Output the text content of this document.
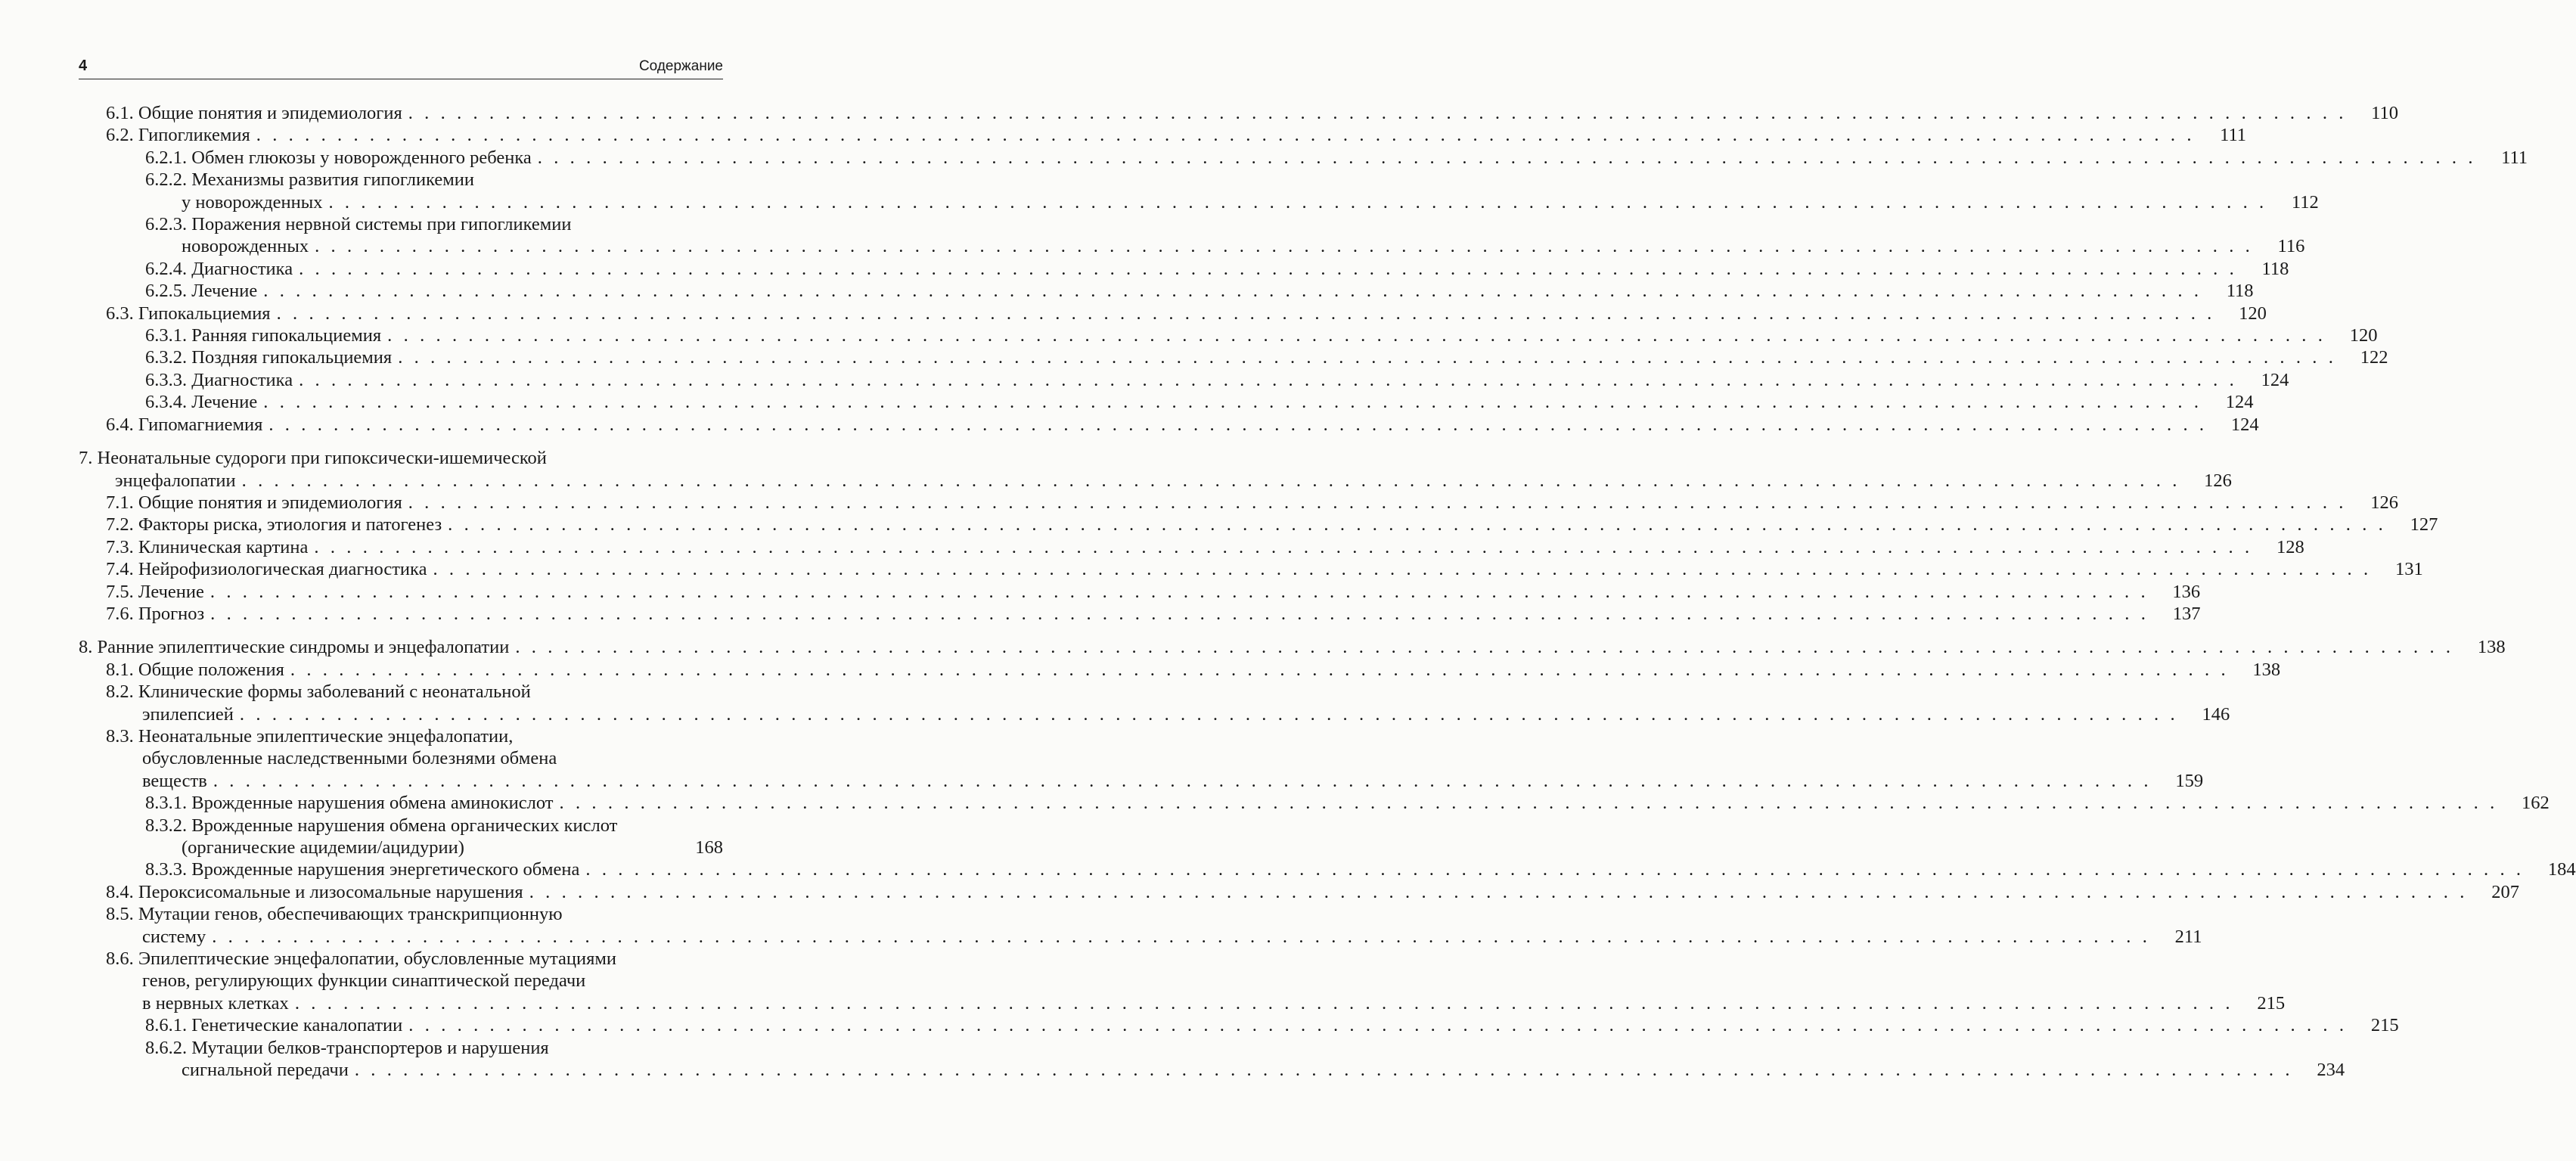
4	Содержание
6.1. Общие понятия и эпидемиология . . . . . . . . . . . . . . . . . . . . . . . . . . . . . . . . . . . . . . . . . . . . . . . . . . . . . . . . . . . . . . . . . . . . . . . . . . . . . . . . . . . . . . . . . . . . . . . . . . . . . . . . . . . . . . . . . . . . . . . .	110
6.2. Гипогликемия . . . . . . . . . . . . . . . . . . . . . . . . . . . . . . . . . . . . . . . . . . . . . . . . . . . . . . . . . . . . . . . . . . . . . . . . . . . . . . . . . . . . . . . . . . . . . . . . . . . . . . . . . . . . . . . . . . . . . . . .	111
6.2.1. Обмен глюкозы у новорожденного ребенка . . . . . . . . . . . . . . . . . . . . . . . . . . . . . . . . . . . . . . . . . . . . . . . . . . . . . . . . . . . . . . . . . . . . . . . . . . . . . . . . . . . . . . . . . . . . . . . . . . . . . . . . . . . . . . . . . . . . . . . .	111
6.2.2. Механизмы развития гипогликемии
у новорожденных . . . . . . . . . . . . . . . . . . . . . . . . . . . . . . . . . . . . . . . . . . . . . . . . . . . . . . . . . . . . . . . . . . . . . . . . . . . . . . . . . . . . . . . . . . . . . . . . . . . . . . . . . . . . . . . . . . . . . . . .	112
6.2.3. Поражения нервной системы при гипогликемии
новорожденных . . . . . . . . . . . . . . . . . . . . . . . . . . . . . . . . . . . . . . . . . . . . . . . . . . . . . . . . . . . . . . . . . . . . . . . . . . . . . . . . . . . . . . . . . . . . . . . . . . . . . . . . . . . . . . . . . . . . . . . .	116
6.2.4. Диагностика . . . . . . . . . . . . . . . . . . . . . . . . . . . . . . . . . . . . . . . . . . . . . . . . . . . . . . . . . . . . . . . . . . . . . . . . . . . . . . . . . . . . . . . . . . . . . . . . . . . . . . . . . . . . . . . . . . . . . . . .	118
6.2.5. Лечение . . . . . . . . . . . . . . . . . . . . . . . . . . . . . . . . . . . . . . . . . . . . . . . . . . . . . . . . . . . . . . . . . . . . . . . . . . . . . . . . . . . . . . . . . . . . . . . . . . . . . . . . . . . . . . . . . . . . . . . .	118
6.3. Гипокальциемия . . . . . . . . . . . . . . . . . . . . . . . . . . . . . . . . . . . . . . . . . . . . . . . . . . . . . . . . . . . . . . . . . . . . . . . . . . . . . . . . . . . . . . . . . . . . . . . . . . . . . . . . . . . . . . . . . . . . . . . .	120
6.3.1. Ранняя гипокальциемия . . . . . . . . . . . . . . . . . . . . . . . . . . . . . . . . . . . . . . . . . . . . . . . . . . . . . . . . . . . . . . . . . . . . . . . . . . . . . . . . . . . . . . . . . . . . . . . . . . . . . . . . . . . . . . . . . . . . . . . .	120
6.3.2. Поздняя гипокальциемия . . . . . . . . . . . . . . . . . . . . . . . . . . . . . . . . . . . . . . . . . . . . . . . . . . . . . . . . . . . . . . . . . . . . . . . . . . . . . . . . . . . . . . . . . . . . . . . . . . . . . . . . . . . . . . . . . . . . . . . .	122
6.3.3. Диагностика . . . . . . . . . . . . . . . . . . . . . . . . . . . . . . . . . . . . . . . . . . . . . . . . . . . . . . . . . . . . . . . . . . . . . . . . . . . . . . . . . . . . . . . . . . . . . . . . . . . . . . . . . . . . . . . . . . . . . . . .	124
6.3.4. Лечение . . . . . . . . . . . . . . . . . . . . . . . . . . . . . . . . . . . . . . . . . . . . . . . . . . . . . . . . . . . . . . . . . . . . . . . . . . . . . . . . . . . . . . . . . . . . . . . . . . . . . . . . . . . . . . . . . . . . . . . .	124
6.4. Гипомагниемия . . . . . . . . . . . . . . . . . . . . . . . . . . . . . . . . . . . . . . . . . . . . . . . . . . . . . . . . . . . . . . . . . . . . . . . . . . . . . . . . . . . . . . . . . . . . . . . . . . . . . . . . . . . . . . . . . . . . . . . .	124
7. Неонатальные судороги при гипоксически-ишемической
энцефалопатии . . . . . . . . . . . . . . . . . . . . . . . . . . . . . . . . . . . . . . . . . . . . . . . . . . . . . . . . . . . . . . . . . . . . . . . . . . . . . . . . . . . . . . . . . . . . . . . . . . . . . . . . . . . . . . . . . . . . . . . .	126
7.1. Общие понятия и эпидемиология . . . . . . . . . . . . . . . . . . . . . . . . . . . . . . . . . . . . . . . . . . . . . . . . . . . . . . . . . . . . . . . . . . . . . . . . . . . . . . . . . . . . . . . . . . . . . . . . . . . . . . . . . . . . . . . . . . . . . . . .	126
7.2. Факторы риска, этиология и патогенез . . . . . . . . . . . . . . . . . . . . . . . . . . . . . . . . . . . . . . . . . . . . . . . . . . . . . . . . . . . . . . . . . . . . . . . . . . . . . . . . . . . . . . . . . . . . . . . . . . . . . . . . . . . . . . . . . . . . . . . .	127
7.3. Клиническая картина . . . . . . . . . . . . . . . . . . . . . . . . . . . . . . . . . . . . . . . . . . . . . . . . . . . . . . . . . . . . . . . . . . . . . . . . . . . . . . . . . . . . . . . . . . . . . . . . . . . . . . . . . . . . . . . . . . . . . . . .	128
7.4. Нейрофизиологическая диагностика . . . . . . . . . . . . . . . . . . . . . . . . . . . . . . . . . . . . . . . . . . . . . . . . . . . . . . . . . . . . . . . . . . . . . . . . . . . . . . . . . . . . . . . . . . . . . . . . . . . . . . . . . . . . . . . . . . . . . . . .	131
7.5. Лечение . . . . . . . . . . . . . . . . . . . . . . . . . . . . . . . . . . . . . . . . . . . . . . . . . . . . . . . . . . . . . . . . . . . . . . . . . . . . . . . . . . . . . . . . . . . . . . . . . . . . . . . . . . . . . . . . . . . . . . . .	136
7.6. Прогноз . . . . . . . . . . . . . . . . . . . . . . . . . . . . . . . . . . . . . . . . . . . . . . . . . . . . . . . . . . . . . . . . . . . . . . . . . . . . . . . . . . . . . . . . . . . . . . . . . . . . . . . . . . . . . . . . . . . . . . . .	137
8. Ранние эпилептические синдромы и энцефалопатии . . . . . . . . . . . . . . . . . . . . . . . . . . . . . . . . . . . . . . . . . . . . . . . . . . . . . . . . . . . . . . . . . . . . . . . . . . . . . . . . . . . . . . . . . . . . . . . . . . . . . . . . . . . . . . . . . . . . . . . .	138
8.1. Общие положения . . . . . . . . . . . . . . . . . . . . . . . . . . . . . . . . . . . . . . . . . . . . . . . . . . . . . . . . . . . . . . . . . . . . . . . . . . . . . . . . . . . . . . . . . . . . . . . . . . . . . . . . . . . . . . . . . . . . . . . .	138
8.2. Клинические формы заболеваний с неонатальной
эпилепсией . . . . . . . . . . . . . . . . . . . . . . . . . . . . . . . . . . . . . . . . . . . . . . . . . . . . . . . . . . . . . . . . . . . . . . . . . . . . . . . . . . . . . . . . . . . . . . . . . . . . . . . . . . . . . . . . . . . . . . . .	146
8.3. Неонатальные эпилептические энцефалопатии,
обусловленные наследственными болезнями обмена
веществ . . . . . . . . . . . . . . . . . . . . . . . . . . . . . . . . . . . . . . . . . . . . . . . . . . . . . . . . . . . . . . . . . . . . . . . . . . . . . . . . . . . . . . . . . . . . . . . . . . . . . . . . . . . . . . . . . . . . . . . .	159
8.3.1. Врожденные нарушения обмена аминокислот . . . . . . . . . . . . . . . . . . . . . . . . . . . . . . . . . . . . . . . . . . . . . . . . . . . . . . . . . . . . . . . . . . . . . . . . . . . . . . . . . . . . . . . . . . . . . . . . . . . . . . . . . . . . . . . . . . . . . . . .	162
8.3.2. Врожденные нарушения обмена органических кислот
(органические ацидемии/ацидурии)	168
8.3.3. Врожденные нарушения энергетического обмена . . . . . . . . . . . . . . . . . . . . . . . . . . . . . . . . . . . . . . . . . . . . . . . . . . . . . . . . . . . . . . . . . . . . . . . . . . . . . . . . . . . . . . . . . . . . . . . . . . . . . . . . . . . . . . . . . . . . . . . .	184
8.4. Пероксисомальные и лизосомальные нарушения . . . . . . . . . . . . . . . . . . . . . . . . . . . . . . . . . . . . . . . . . . . . . . . . . . . . . . . . . . . . . . . . . . . . . . . . . . . . . . . . . . . . . . . . . . . . . . . . . . . . . . . . . . . . . . . . . . . . . . . .	207
8.5. Мутации генов, обеспечивающих транскрипционную
систему . . . . . . . . . . . . . . . . . . . . . . . . . . . . . . . . . . . . . . . . . . . . . . . . . . . . . . . . . . . . . . . . . . . . . . . . . . . . . . . . . . . . . . . . . . . . . . . . . . . . . . . . . . . . . . . . . . . . . . . .	211
8.6. Эпилептические энцефалопатии, обусловленные мутациями
генов, регулирующих функции синаптической передачи
в нервных клетках . . . . . . . . . . . . . . . . . . . . . . . . . . . . . . . . . . . . . . . . . . . . . . . . . . . . . . . . . . . . . . . . . . . . . . . . . . . . . . . . . . . . . . . . . . . . . . . . . . . . . . . . . . . . . . . . . . . . . . . .	215
8.6.1. Генетические каналопатии . . . . . . . . . . . . . . . . . . . . . . . . . . . . . . . . . . . . . . . . . . . . . . . . . . . . . . . . . . . . . . . . . . . . . . . . . . . . . . . . . . . . . . . . . . . . . . . . . . . . . . . . . . . . . . . . . . . . . . . .	215
8.6.2. Мутации белков-транспортеров и нарушения
сигнальной передачи . . . . . . . . . . . . . . . . . . . . . . . . . . . . . . . . . . . . . . . . . . . . . . . . . . . . . . . . . . . . . . . . . . . . . . . . . . . . . . . . . . . . . . . . . . . . . . . . . . . . . . . . . . . . . . . . . . . . . . . .	234
